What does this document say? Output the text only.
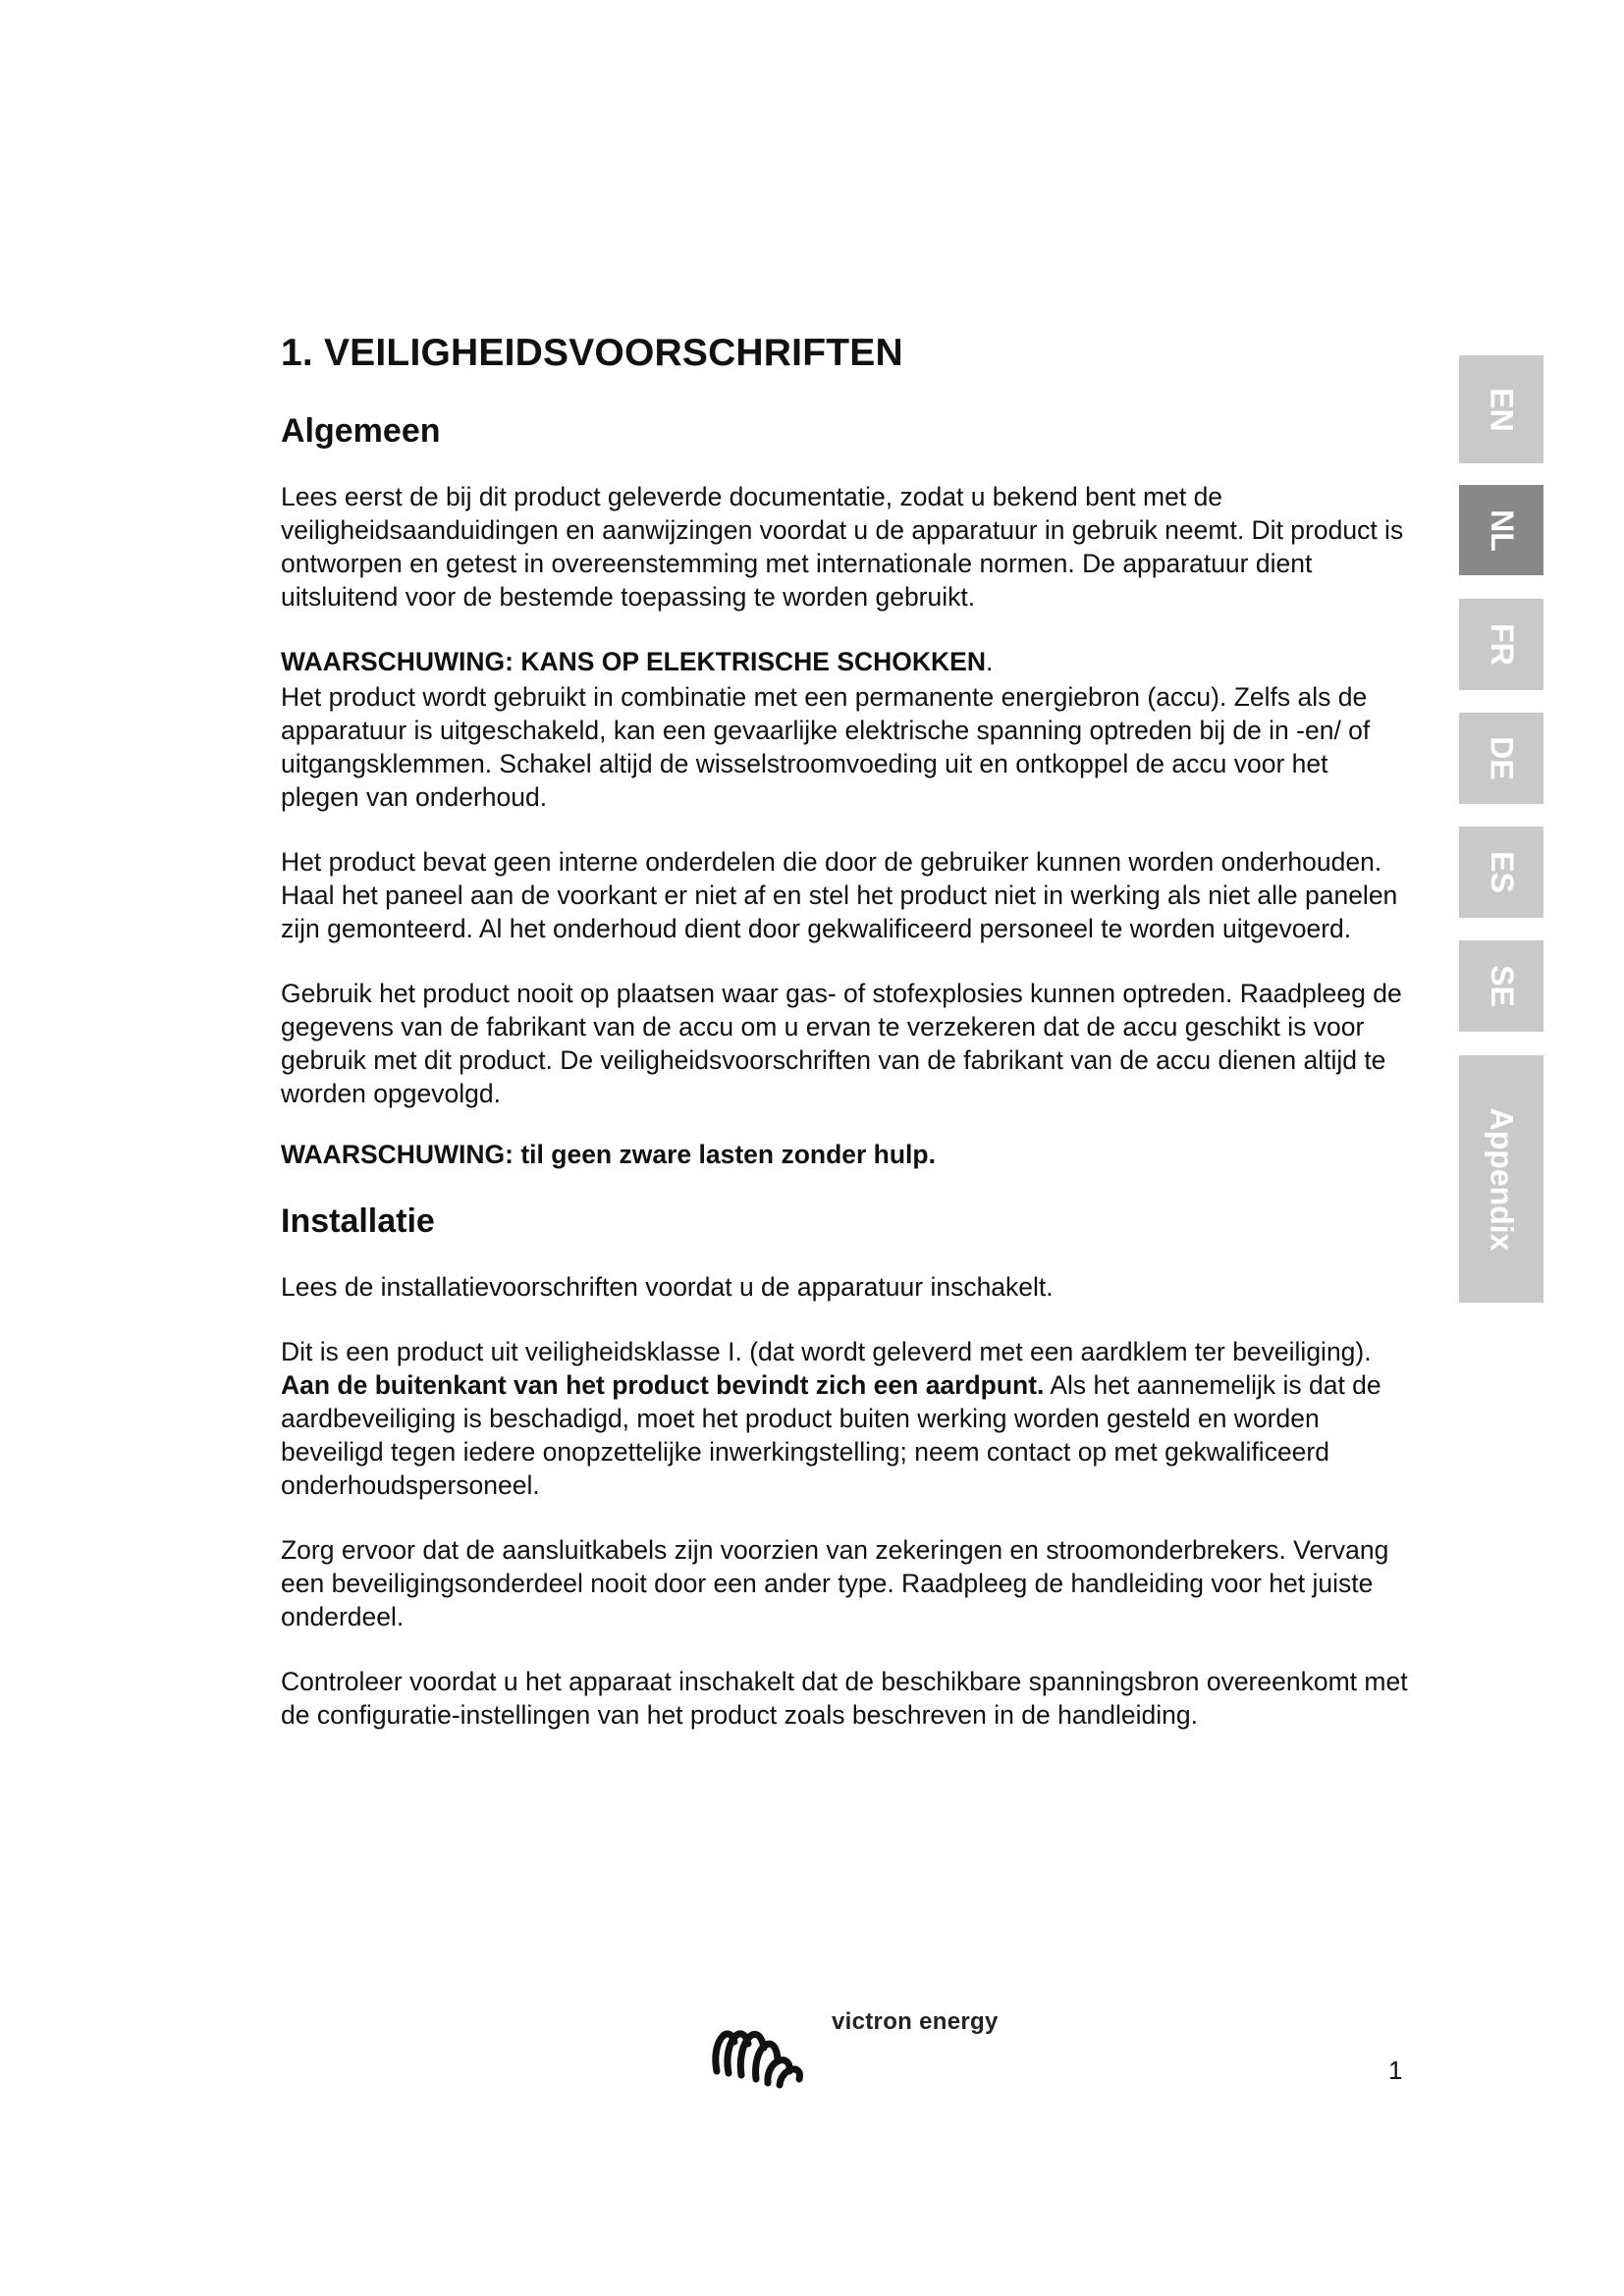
1. VEILIGHEIDSVOORSCHRIFTEN
Algemeen

Lees eerst de bij dit product geleverde documentatie, zodat u bekend bent met de veiligheidsaanduidingen en aanwijzingen voordat u de apparatuur in gebruik neemt. Dit product is ontworpen en getest in overeenstemming met internationale normen. De apparatuur dient uitsluitend voor de bestemde toepassing te worden gebruikt.

WAARSCHUWING: KANS OP ELEKTRISCHE SCHOKKEN.

Het product wordt gebruikt in combinatie met een permanente energiebron (accu). Zelfs als de apparatuur is uitgeschakeld, kan een gevaarlijke elektrische spanning optreden bij de in -en/ of uitgangsklemmen. Schakel altijd de wisselstroomvoeding uit en ontkoppel de accu voor het plegen van onderhoud.

Het product bevat geen interne onderdelen die door de gebruiker kunnen worden onderhouden. Haal het paneel aan de voorkant er niet af en stel het product niet in werking als niet alle panelen zijn gemonteerd. Al het onderhoud dient door gekwalificeerd personeel te worden uitgevoerd.

Gebruik het product nooit op plaatsen waar gas- of stofexplosies kunnen optreden. Raadpleeg de gegevens van de fabrikant van de accu om u ervan te verzekeren dat de accu geschikt is voor gebruik met dit product. De veiligheidsvoorschriften van de fabrikant van de accu dienen altijd te worden opgevolgd.

WAARSCHUWING: til geen zware lasten zonder hulp.

Installatie

Lees de installatievoorschriften voordat u de apparatuur inschakelt.

Dit is een product uit veiligheidsklasse I. (dat wordt geleverd met een aardklem ter beveiliging). Aan de buitenkant van het product bevindt zich een aardpunt. Als het aannemelijk is dat de aardbeveiliging is beschadigd, moet het product buiten werking worden gesteld en worden beveiligd tegen iedere onopzettelijke inwerkingstelling; neem contact op met gekwalificeerd onderhoudspersoneel.

Zorg ervoor dat de aansluitkabels zijn voorzien van zekeringen en stroomonderbrekers. Vervang een beveiligingsonderdeel nooit door een ander type. Raadpleeg de handleiding voor het juiste onderdeel.

Controleer voordat u het apparaat inschakelt dat de beschikbare spanningsbron overeenkomt met de configuratie-instellingen van het product zoals beschreven in de handleiding.

EN
NL
FR
DE
ES
SE
Appendix
victron energy
1
